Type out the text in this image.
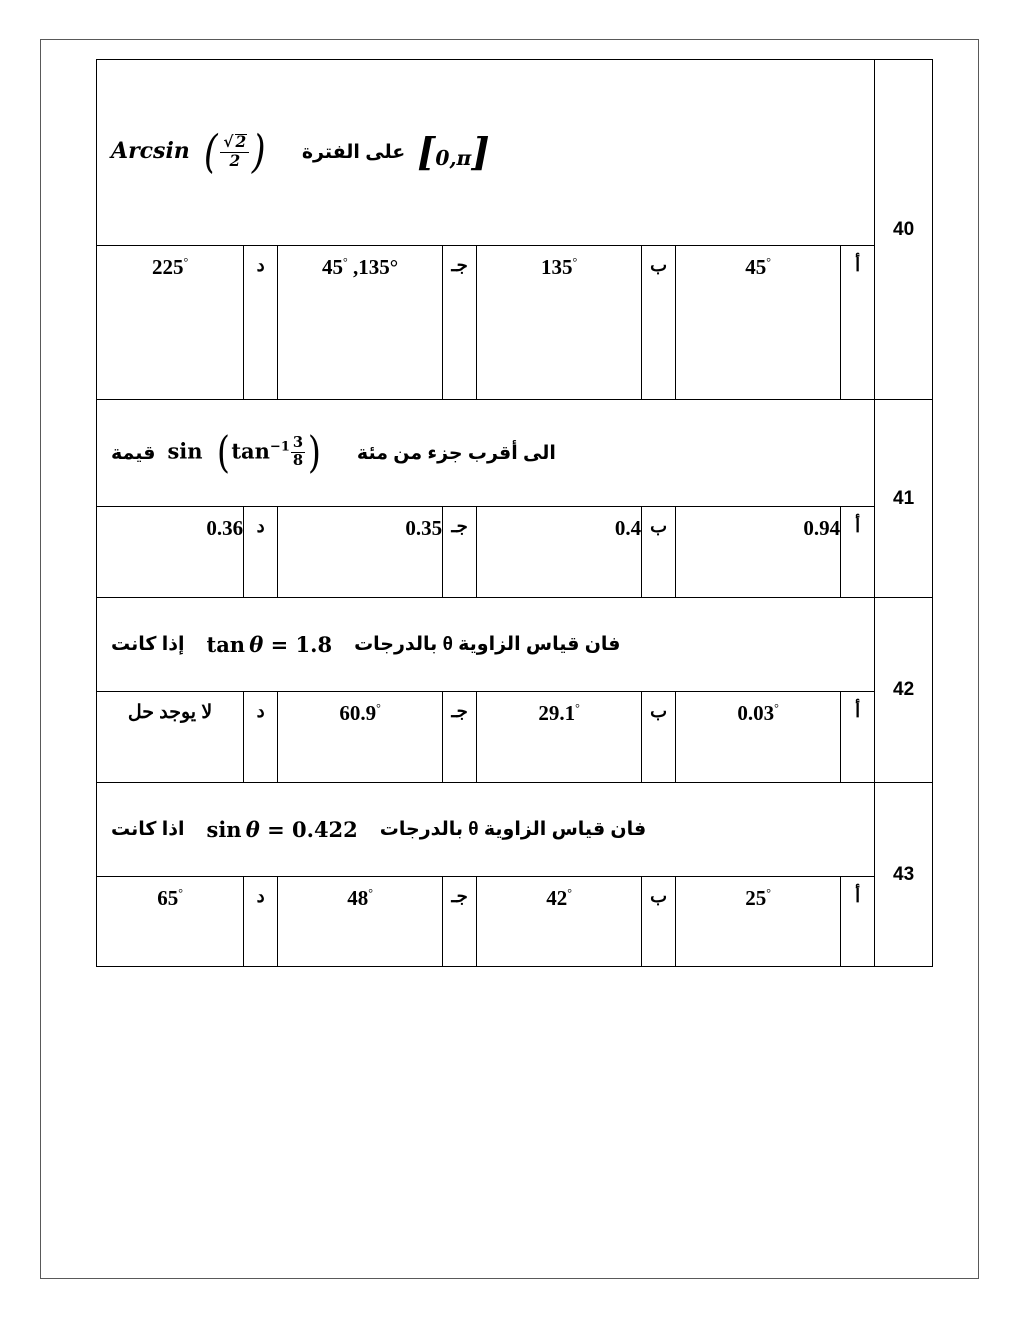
40	
Arcsin ( $\frac{√ 2}{2}$ ) على الفترة [0,π]

	أ	45°	ب	135°	جـ	135°, 45°	د	225°
41	
قيمة sin ( $\tan^{-1} \frac{3}{8}$ ) الى أقرب جزء من مئة

	أ	0.94	ب	0.4	جـ	0.35	د	0.36
42	إذا كانت tan  θ = 1.8 فان قياس الزاوية θ بالدرجات							

	أ	0.03°	ب	29.1°	جـ	60.9°	د	لا يوجد حل
43	اذا كانت sin  θ = 0.422 فان قياس الزاوية θ بالدرجات							

	أ	25°	ب	42°	جـ	48°	د	65°
